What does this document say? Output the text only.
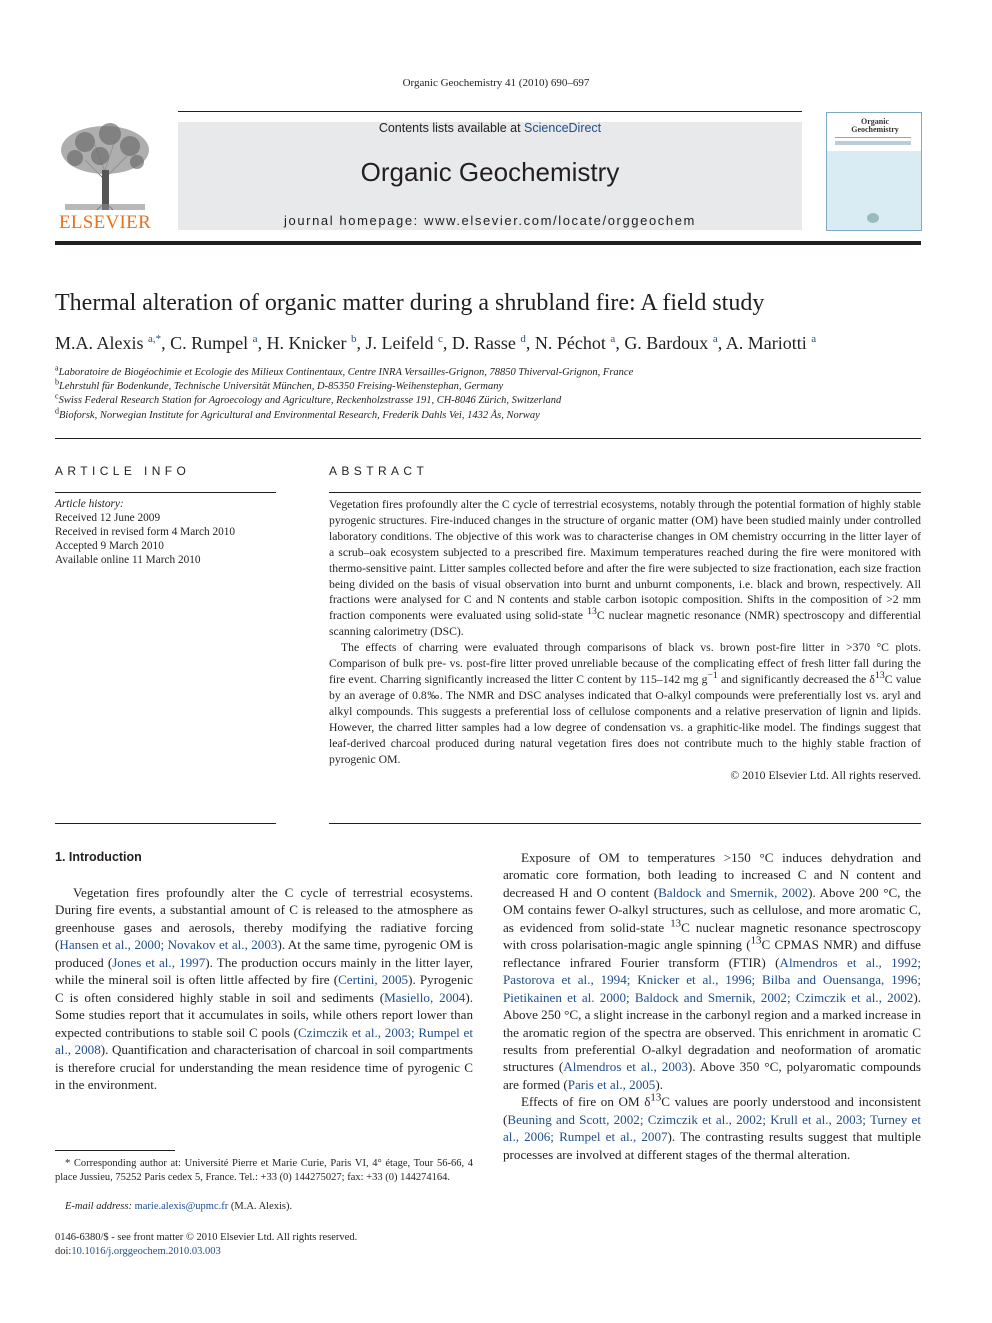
Organic Geochemistry 41 (2010) 690–697
ELSEVIER
Contents lists available at ScienceDirect
Organic Geochemistry
journal homepage: www.elsevier.com/locate/orggeochem
Organic
Geochemistry
Thermal alteration of organic matter during a shrubland fire: A field study
M.A. Alexis $^{a,*}$, C. Rumpel $^a$, H. Knicker $^b$, J. Leifeld $^c$, D. Rasse $^d$, N. Péchot $^a$, G. Bardoux $^a$, A. Mariotti $^a$
$^a$Laboratoire de Biogéochimie et Ecologie des Milieux Continentaux, Centre INRA Versailles-Grignon, 78850 Thiverval-Grignon, France
$^b$Lehrstuhl für Bodenkunde, Technische Universität München, D-85350 Freising-Weihenstephan, Germany
$^c$Swiss Federal Research Station for Agroecology and Agriculture, Reckenholzstrasse 191, CH-8046 Zürich, Switzerland
$^d$Bioforsk, Norwegian Institute for Agricultural and Environmental Research, Frederik Dahls Vei, 1432 Ås, Norway
ARTICLE INFO
Article history:
Received 12 June 2009
Received in revised form 4 March 2010
Accepted 9 March 2010
Available online 11 March 2010
ABSTRACT

Vegetation fires profoundly alter the C cycle of terrestrial ecosystems, notably through the potential formation of highly stable pyrogenic structures. Fire-induced changes in the structure of organic matter (OM) have been studied mainly under controlled laboratory conditions. The objective of this work was to characterise changes in OM chemistry occurring in the litter layer of a scrub–oak ecosystem subjected to a prescribed fire. Maximum temperatures reached during the fire were monitored with thermo-sensitive paint. Litter samples collected before and after the fire were subjected to size fractionation, each size fraction being divided on the basis of visual observation into burnt and unburnt components, i.e. black and brown, respectively. All fractions were analysed for C and N contents and stable carbon isotopic composition. Shifts in the composition of >2 mm fraction components were evaluated using solid-state $^{13}$C nuclear magnetic resonance (NMR) spectroscopy and differential scanning calorimetry (DSC).

The effects of charring were evaluated through comparisons of black vs. brown post-fire litter in >370 °C plots. Comparison of bulk pre- vs. post-fire litter proved unreliable because of the complicating effect of fresh litter fall during the fire event. Charring significantly increased the litter C content by 115–142 mg $g^{-1}$ and significantly decreased the $\delta^{13}C$ value by an average of 0.8‰. The NMR and DSC analyses indicated that O-alkyl compounds were preferentially lost vs. aryl and alkyl compounds. This suggests a preferential loss of cellulose components and a relative preservation of lignin and lipids. However, the charred litter samples had a low degree of condensation vs. a graphitic-like model. The findings suggest that leaf-derived charcoal produced during natural vegetation fires does not contribute much to the highly stable fraction of pyrogenic OM.

© 2010 Elsevier Ltd. All rights reserved.
1. Introduction

Vegetation fires profoundly alter the C cycle of terrestrial ecosystems. During fire events, a substantial amount of C is released to the atmosphere as greenhouse gases and aerosols, thereby modifying the radiative forcing (Hansen et al., 2000; Novakov et al., 2003). At the same time, pyrogenic OM is produced (Jones et al., 1997). The production occurs mainly in the litter layer, while the mineral soil is often little affected by fire (Certini, 2005). Pyrogenic C is often considered highly stable in soil and sediments (Masiello, 2004). Some studies report that it accumulates in soils, while others report lower than expected contributions to stable soil C pools (Czimczik et al., 2003; Rumpel et al., 2008). Quantification and characterisation of charcoal in soil compartments is therefore crucial for understanding the mean residence time of pyrogenic C in the environment.

Exposure of OM to temperatures >150 °C induces dehydration and aromatic core formation, both leading to increased C and N content and decreased H and O content (Baldock and Smernik, 2002). Above 200 °C, the OM contains fewer O-alkyl structures, such as cellulose, and more aromatic C, as evidenced from solid-state $^{13}$C nuclear magnetic resonance spectroscopy with cross polarisation-magic angle spinning ($^{13}$C CPMAS NMR) and diffuse reflectance infrared Fourier transform (FTIR) (Almendros et al., 1992; Pastorova et al., 1994; Knicker et al., 1996; Bilba and Ouensanga, 1996; Pietikainen et al. 2000; Baldock and Smernik, 2002; Czimczik et al., 2002). Above 250 °C, a slight increase in the carbonyl region and a marked increase in the aromatic region of the spectra are observed. This enrichment in aromatic C results from preferential O-alkyl degradation and neoformation of aromatic structures (Almendros et al., 2003). Above 350 °C, polyaromatic compounds are formed (Paris et al., 2005).

Effects of fire on OM $\delta^{13}C$ values are poorly understood and inconsistent (Beuning and Scott, 2002; Czimczik et al., 2002; Krull et al., 2003; Turney et al., 2006; Rumpel et al., 2007). The contrasting results suggest that multiple processes are involved at different stages of the thermal alteration.

* Corresponding author at: Université Pierre et Marie Curie, Paris VI, 4° étage, Tour 56-66, 4 place Jussieu, 75252 Paris cedex 5, France. Tel.: +33 (0) 144275027; fax: +33 (0) 144274164.
E-mail address: marie.alexis@upmc.fr (M.A. Alexis).
0146-6380/$ - see front matter © 2010 Elsevier Ltd. All rights reserved.
doi:10.1016/j.orggeochem.2010.03.003
